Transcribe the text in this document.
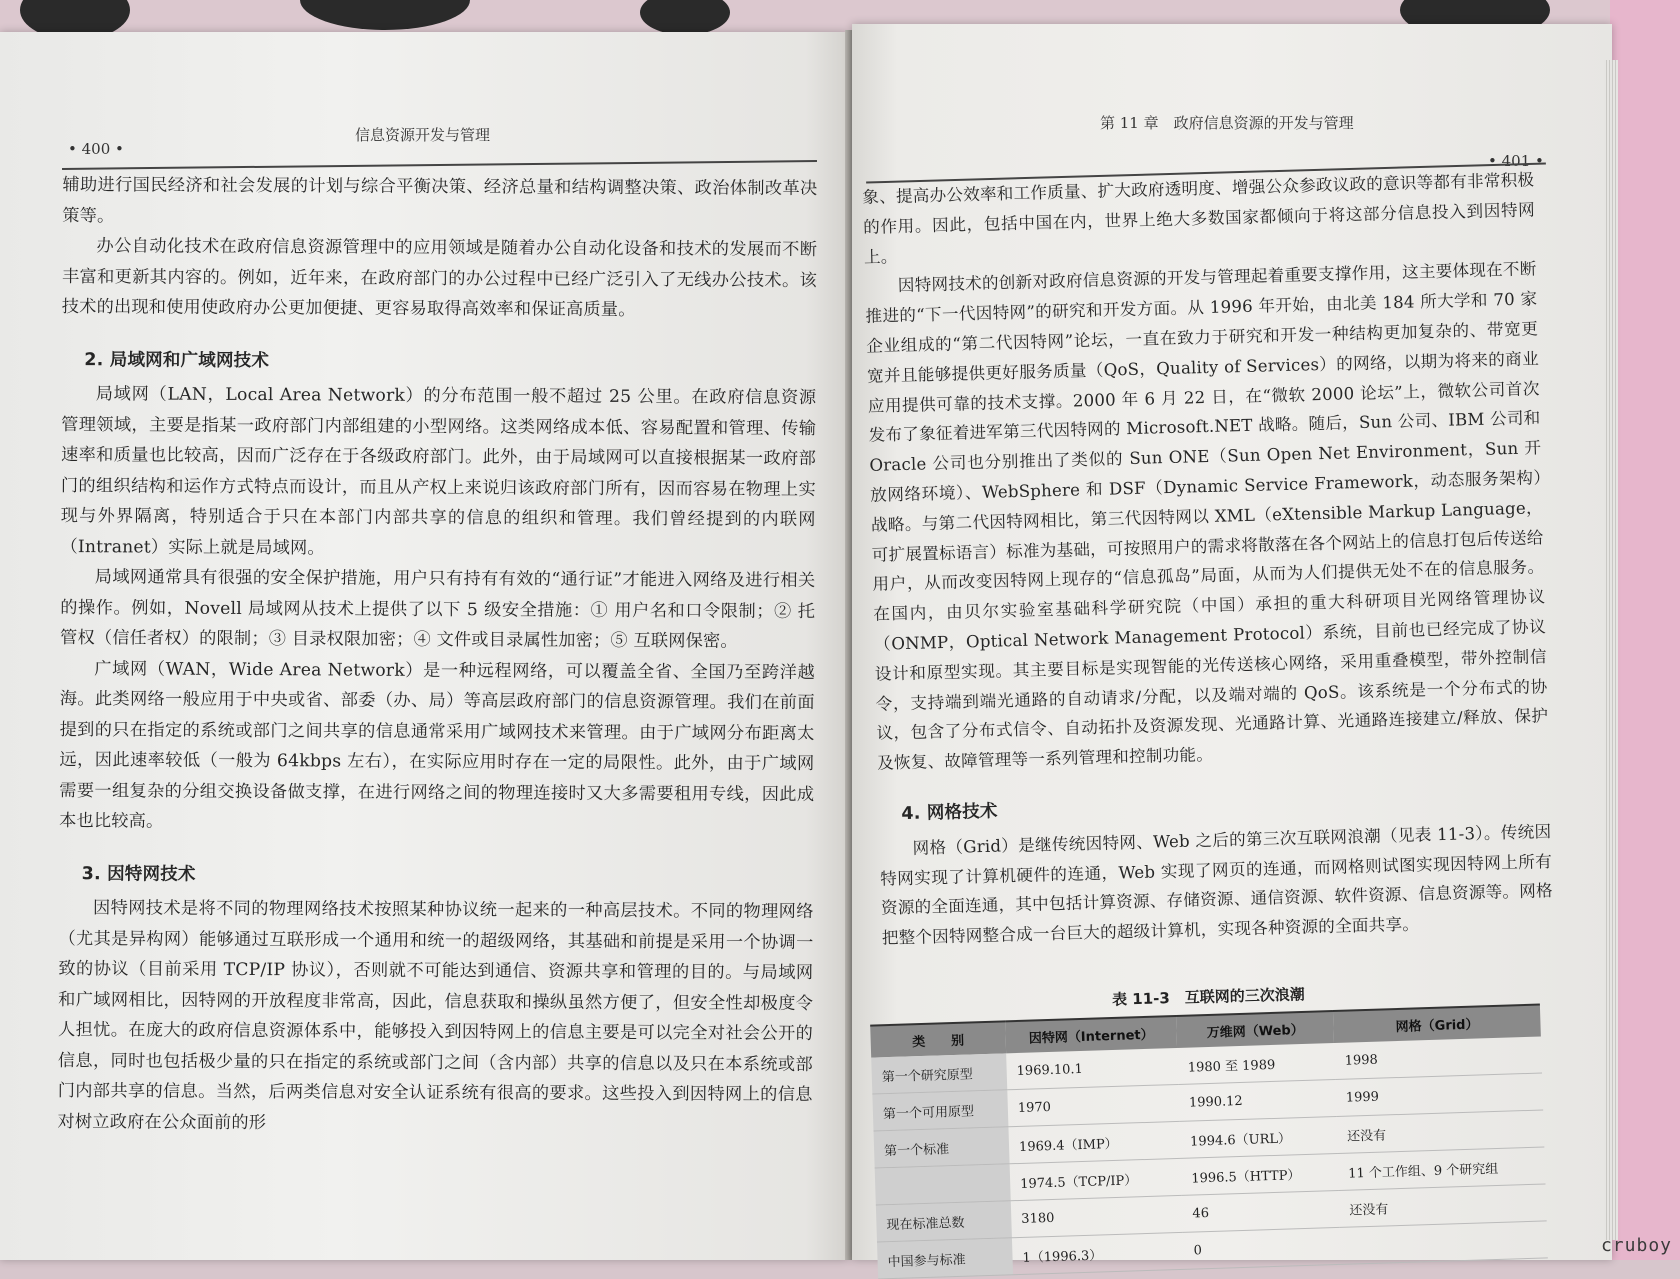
• 400 •
信息资源开发与管理

辅助进行国民经济和社会发展的计划与综合平衡决策、经济总量和结构调整决策、政治体制改革决策等。

办公自动化技术在政府信息资源管理中的应用领域是随着办公自动化设备和技术的发展而不断丰富和更新其内容的。例如，近年来，在政府部门的办公过程中已经广泛引入了无线办公技术。该技术的出现和使用使政府办公更加便捷、更容易取得高效率和保证高质量。

2. 局域网和广域网技术

局域网（LAN，Local Area Network）的分布范围一般不超过 25 公里。在政府信息资源管理领域，主要是指某一政府部门内部组建的小型网络。这类网络成本低、容易配置和管理、传输速率和质量也比较高，因而广泛存在于各级政府部门。此外，由于局域网可以直接根据某一政府部门的组织结构和运作方式特点而设计，而且从产权上来说归该政府部门所有，因而容易在物理上实现与外界隔离，特别适合于只在本部门内部共享的信息的组织和管理。我们曾经提到的内联网（Intranet）实际上就是局域网。

局域网通常具有很强的安全保护措施，用户只有持有有效的“通行证”才能进入网络及进行相关的操作。例如，Novell 局域网从技术上提供了以下 5 级安全措施：① 用户名和口令限制；② 托管权（信任者权）的限制；③ 目录权限加密；④ 文件或目录属性加密；⑤ 互联网保密。

广域网（WAN，Wide Area Network）是一种远程网络，可以覆盖全省、全国乃至跨洋越海。此类网络一般应用于中央或省、部委（办、局）等高层政府部门的信息资源管理。我们在前面提到的只在指定的系统或部门之间共享的信息通常采用广域网技术来管理。由于广域网分布距离太远，因此速率较低（一般为 64kbps 左右），在实际应用时存在一定的局限性。此外，由于广域网需要一组复杂的分组交换设备做支撑，在进行网络之间的物理连接时又大多需要租用专线，因此成本也比较高。

3. 因特网技术

因特网技术是将不同的物理网络技术按照某种协议统一起来的一种高层技术。不同的物理网络（尤其是异构网）能够通过互联形成一个通用和统一的超级网络，其基础和前提是采用一个协调一致的协议（目前采用 TCP/IP 协议），否则就不可能达到通信、资源共享和管理的目的。与局域网和广域网相比，因特网的开放程度非常高，因此，信息获取和操纵虽然方便了，但安全性却极度令人担忧。在庞大的政府信息资源体系中，能够投入到因特网上的信息主要是可以完全对社会公开的信息，同时也包括极少量的只在指定的系统或部门之间（含内部）共享的信息以及只在本系统或部门内部共享的信息。当然，后两类信息对安全认证系统有很高的要求。这些投入到因特网上的信息对树立政府在公众面前的形

第 11 章　政府信息资源的开发与管理
• 401 •

象、提高办公效率和工作质量、扩大政府透明度、增强公众参政议政的意识等都有非常积极的作用。因此，包括中国在内，世界上绝大多数国家都倾向于将这部分信息投入到因特网上。

因特网技术的创新对政府信息资源的开发与管理起着重要支撑作用，这主要体现在不断推进的“下一代因特网”的研究和开发方面。从 1996 年开始，由北美 184 所大学和 70 家企业组成的“第二代因特网”论坛，一直在致力于研究和开发一种结构更加复杂的、带宽更宽并且能够提供更好服务质量（QoS，Quality of Services）的网络，以期为将来的商业应用提供可靠的技术支撑。2000 年 6 月 22 日，在“微软 2000 论坛”上，微软公司首次发布了象征着进军第三代因特网的 Microsoft.NET 战略。随后，Sun 公司、IBM 公司和 Oracle 公司也分别推出了类似的 Sun ONE（Sun Open Net Environment，Sun 开放网络环境）、WebSphere 和 DSF（Dynamic Service Framework，动态服务架构）战略。与第二代因特网相比，第三代因特网以 XML（eXtensible Markup Language，可扩展置标语言）标准为基础，可按照用户的需求将散落在各个网站上的信息打包后传送给用户，从而改变因特网上现存的“信息孤岛”局面，从而为人们提供无处不在的信息服务。在国内，由贝尔实验室基础科学研究院（中国）承担的重大科研项目光网络管理协议（ONMP，Optical Network Management Protocol）系统，目前也已经完成了协议设计和原型实现。其主要目标是实现智能的光传送核心网络，采用重叠模型，带外控制信令，支持端到端光通路的自动请求/分配，以及端对端的 QoS。该系统是一个分布式的协议，包含了分布式信令、自动拓扑及资源发现、光通路计算、光通路连接建立/释放、保护及恢复、故障管理等一系列管理和控制功能。

4. 网格技术

网格（Grid）是继传统因特网、Web 之后的第三次互联网浪潮（见表 11-3）。传统因特网实现了计算机硬件的连通，Web 实现了网页的连通，而网格则试图实现因特网上所有资源的全面连通，其中包括计算资源、存储资源、通信资源、软件资源、信息资源等。网格把整个因特网整合成一台巨大的超级计算机，实现各种资源的全面共享。

表 11-3　互联网的三次浪潮
类　　别	因特网（Internet）	万维网（Web）	网格（Grid）
第一个研究原型	1969.10.1	1980 至 1989	1998
第一个可用原型	1970	1990.12	1999
第一个标准	1969.4（IMP）	1994.6（URL）	还没有
	1974.5（TCP/IP）	1996.5（HTTP）	11 个工作组、9 个研究组
现在标准总数	3180	46	还没有
中国参与标准	1（1996.3）	0		cruboy
